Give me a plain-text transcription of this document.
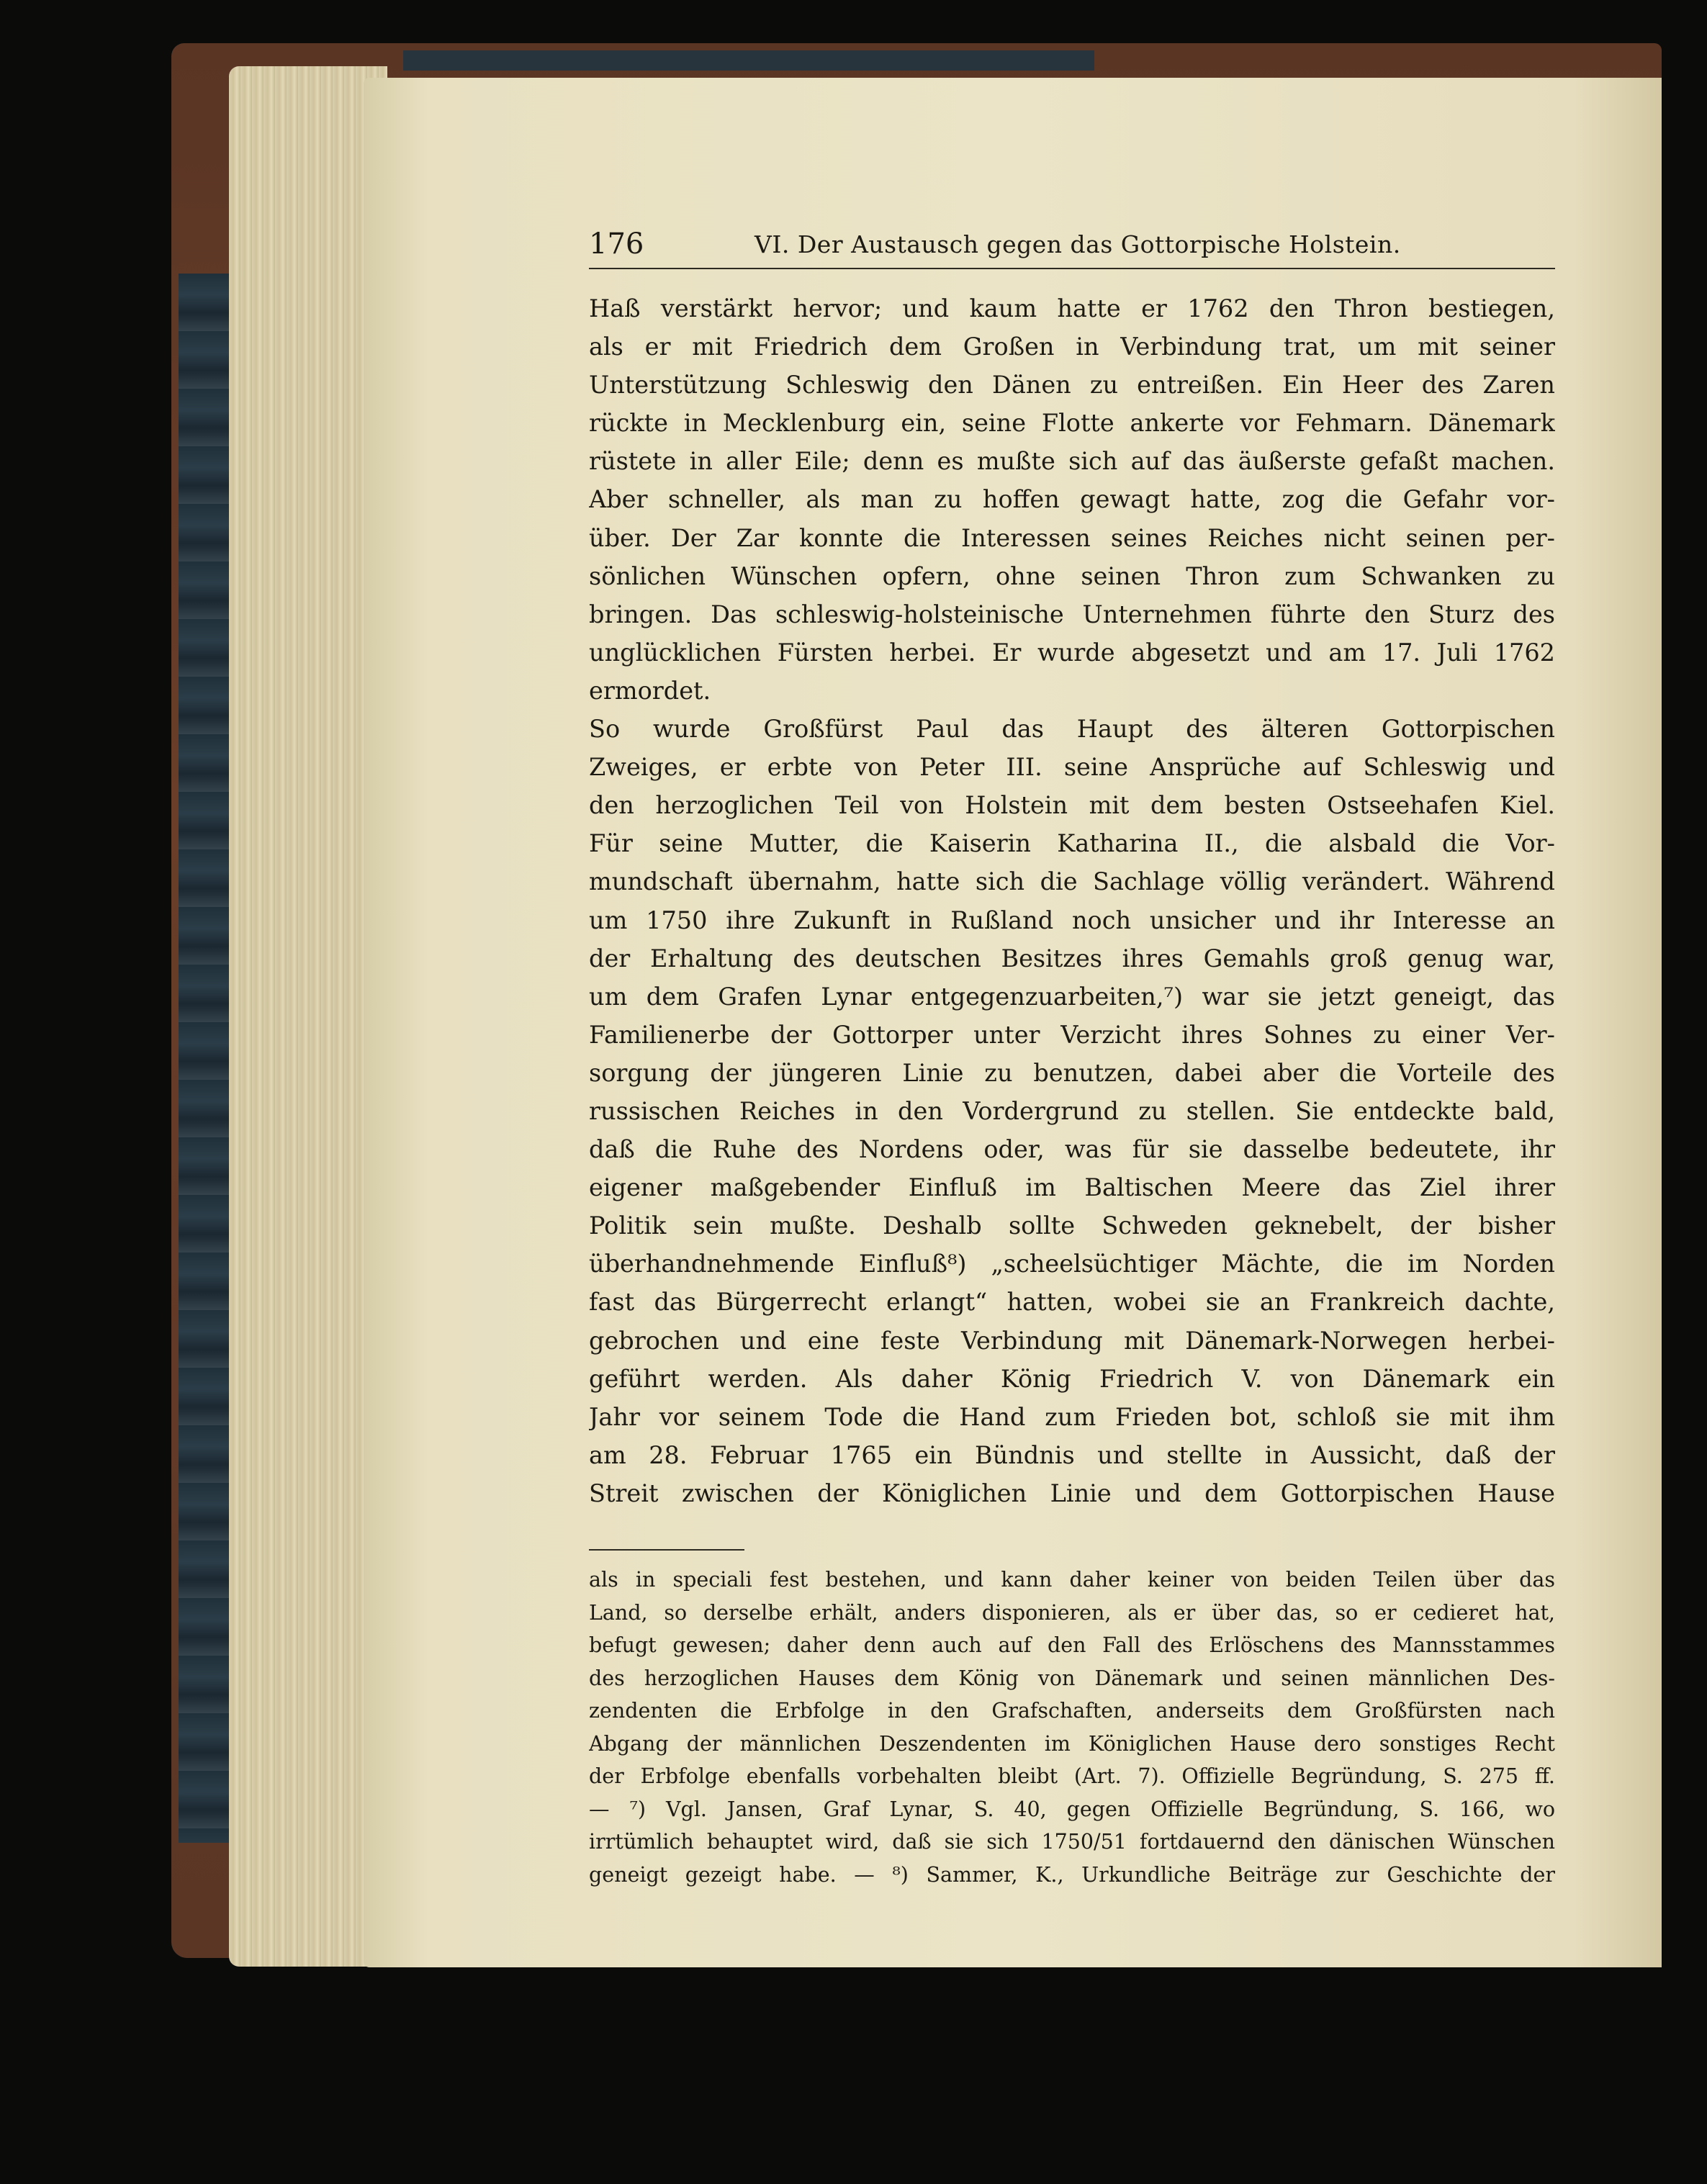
176	VI. Der Austausch gegen das Gottorpische Holstein.
Haß verstärkt hervor; und kaum hatte er 1762 den Thron bestiegen,
als er mit Friedrich dem Großen in Verbindung trat, um mit seiner
Unterstützung Schleswig den Dänen zu entreißen. Ein Heer des Zaren
rückte in Mecklenburg ein, seine Flotte ankerte vor Fehmarn. Dänemark
rüstete in aller Eile; denn es mußte sich auf das äußerste gefaßt machen.
Aber schneller, als man zu hoffen gewagt hatte, zog die Gefahr vor-
über. Der Zar konnte die Interessen seines Reiches nicht seinen per-
sönlichen Wünschen opfern, ohne seinen Thron zum Schwanken zu
bringen. Das schleswig-holsteinische Unternehmen führte den Sturz des
unglücklichen Fürsten herbei. Er wurde abgesetzt und am 17. Juli 1762
ermordet.
So wurde Großfürst Paul das Haupt des älteren Gottorpischen
Zweiges, er erbte von Peter III. seine Ansprüche auf Schleswig und
den herzoglichen Teil von Holstein mit dem besten Ostseehafen Kiel.
Für seine Mutter, die Kaiserin Katharina II., die alsbald die Vor-
mundschaft übernahm, hatte sich die Sachlage völlig verändert. Während
um 1750 ihre Zukunft in Rußland noch unsicher und ihr Interesse an
der Erhaltung des deutschen Besitzes ihres Gemahls groß genug war,
um dem Grafen Lynar entgegenzuarbeiten,⁷) war sie jetzt geneigt, das
Familienerbe der Gottorper unter Verzicht ihres Sohnes zu einer Ver-
sorgung der jüngeren Linie zu benutzen, dabei aber die Vorteile des
russischen Reiches in den Vordergrund zu stellen. Sie entdeckte bald,
daß die Ruhe des Nordens oder, was für sie dasselbe bedeutete, ihr
eigener maßgebender Einfluß im Baltischen Meere das Ziel ihrer
Politik sein mußte. Deshalb sollte Schweden geknebelt, der bisher
überhandnehmende Einfluß⁸) „scheelsüchtiger Mächte, die im Norden
fast das Bürgerrecht erlangt“ hatten, wobei sie an Frankreich dachte,
gebrochen und eine feste Verbindung mit Dänemark-Norwegen herbei-
geführt werden. Als daher König Friedrich V. von Dänemark ein
Jahr vor seinem Tode die Hand zum Frieden bot, schloß sie mit ihm
am 28. Februar 1765 ein Bündnis und stellte in Aussicht, daß der
Streit zwischen der Königlichen Linie und dem Gottorpischen Hause
als in speciali fest bestehen, und kann daher keiner von beiden Teilen über das
Land, so derselbe erhält, anders disponieren, als er über das, so er cedieret hat,
befugt gewesen; daher denn auch auf den Fall des Erlöschens des Mannsstammes
des herzoglichen Hauses dem König von Dänemark und seinen männlichen Des-
zendenten die Erbfolge in den Grafschaften, anderseits dem Großfürsten nach
Abgang der männlichen Deszendenten im Königlichen Hause dero sonstiges Recht
der Erbfolge ebenfalls vorbehalten bleibt (Art. 7). Offizielle Begründung, S. 275 ff.
— ⁷) Vgl. Jansen, Graf Lynar, S. 40, gegen Offizielle Begründung, S. 166, wo
irrtümlich behauptet wird, daß sie sich 1750/51 fortdauernd den dänischen Wünschen
geneigt gezeigt habe. — ⁸) Sammer, K., Urkundliche Beiträge zur Geschichte der
